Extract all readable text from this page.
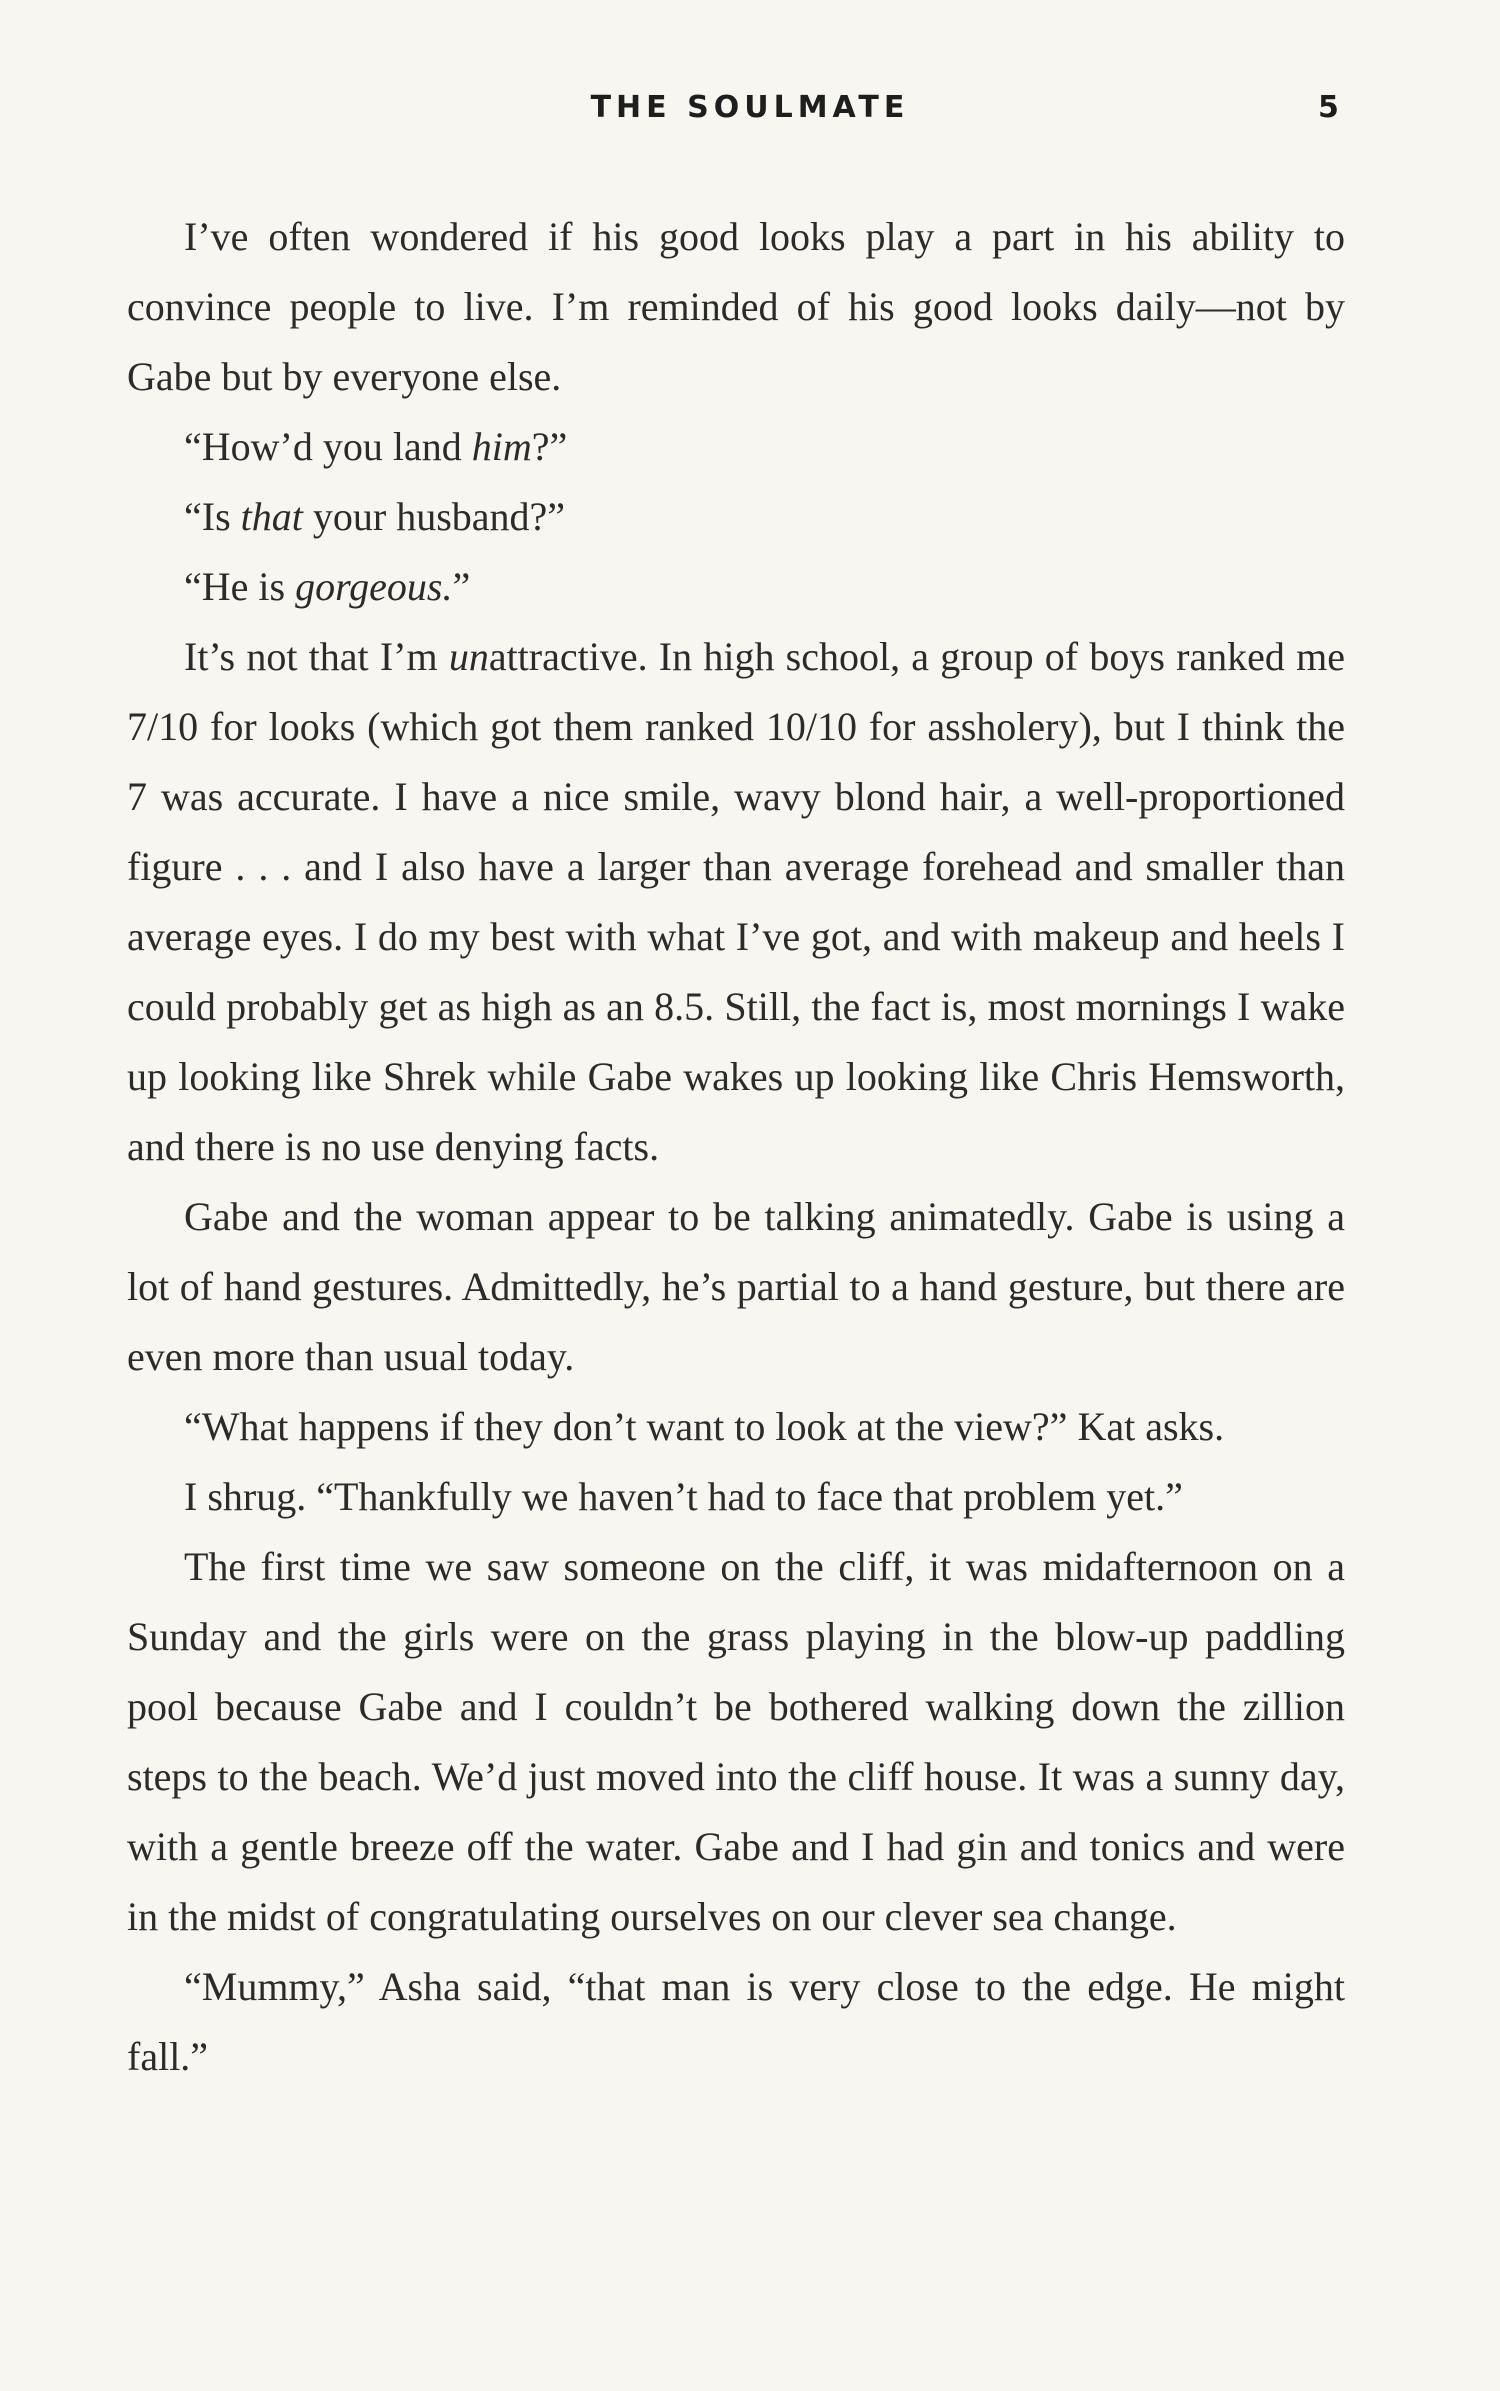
THE SOULMATE	5

I’ve often wondered if his good looks play a part in his ability to convince people to live. I’m reminded of his good looks daily—not by Gabe but by everyone else.

“How’d you land him?”

“Is that your husband?”

“He is gorgeous.”

It’s not that I’m unattractive. In high school, a group of boys ranked me 7/10 for looks (which got them ranked 10/10 for assholery), but I think the 7 was accurate. I have a nice smile, wavy blond hair, a well-proportioned figure . . . and I also have a larger than average forehead and smaller than average eyes. I do my best with what I’ve got, and with makeup and heels I could probably get as high as an 8.5. Still, the fact is, most mornings I wake up looking like Shrek while Gabe wakes up looking like Chris Hemsworth, and there is no use denying facts.

Gabe and the woman appear to be talking animatedly. Gabe is using a lot of hand gestures. Admittedly, he’s partial to a hand gesture, but there are even more than usual today.

“What happens if they don’t want to look at the view?” Kat asks.

I shrug. “Thankfully we haven’t had to face that problem yet.”

The first time we saw someone on the cliff, it was midafternoon on a Sunday and the girls were on the grass playing in the blow-up paddling pool because Gabe and I couldn’t be bothered walking down the zillion steps to the beach. We’d just moved into the cliff house. It was a sunny day, with a gentle breeze off the water. Gabe and I had gin and tonics and were in the midst of congratulating ourselves on our clever sea change.

“Mummy,” Asha said, “that man is very close to the edge. He might fall.”
